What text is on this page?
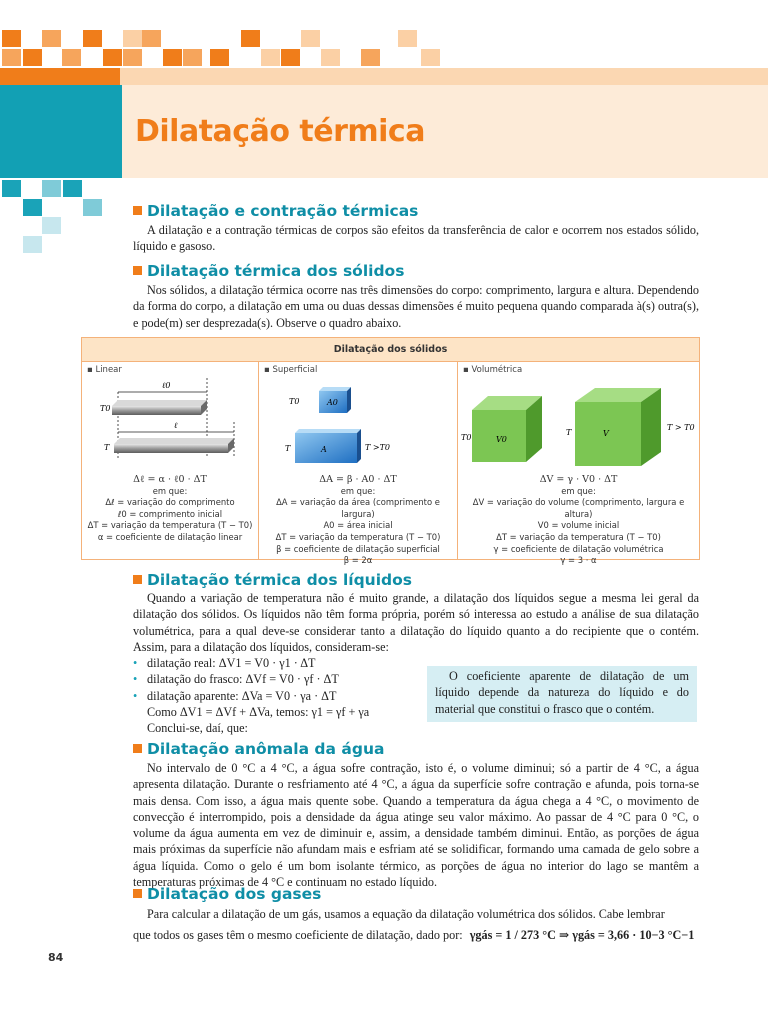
Dilatação térmica
Dilatação e contração térmicas

A dilatação e a contração térmicas de corpos são efeitos da transferência de calor e ocorrem nos estados sólido, líquido e gasoso.

Dilatação térmica dos sólidos

Nos sólidos, a dilatação térmica ocorre nas três dimensões do corpo: comprimento, largura e altura. Dependendo da forma do corpo, a dilatação em uma ou duas dessas dimensões é muito pequena quando comparada à(s) outra(s), e pode(m) ser desprezada(s). Observe o quadro abaixo.

Dilatação dos sólidos
▪ Linear
ℓ0
ℓ
T0
T
Δℓ = α · ℓ0 · ΔT
em que:
Δℓ = variação do comprimento
ℓ0 = comprimento inicial
ΔT = variação da temperatura (T − T0)
α = coeficiente de dilatação linear
▪ Superficial
T0	A0
T	A	T >T0
ΔA = β · A0 · ΔT
em que:
ΔA = variação da área (comprimento e largura)
A0 = área inicial
ΔT = variação da temperatura (T − T0)
β = coeficiente de dilatação superficial
β = 2α
▪ Volumétrica
T0	V0
T	V
T > T0
ΔV = γ · V0 · ΔT
em que:
ΔV = variação do volume (comprimento, largura e altura)
V0 = volume inicial
ΔT = variação da temperatura (T − T0)
γ = coeficiente de dilatação volumétrica
γ = 3 · α
Dilatação térmica dos líquidos

Quando a variação de temperatura não é muito grande, a dilatação dos líquidos segue a mesma lei geral da dilatação dos sólidos. Os líquidos não têm forma própria, porém só interessa ao estudo a análise de sua dilatação volumétrica, para a qual deve-se considerar tanto a dilatação do líquido quanto a do recipiente que o contém. Assim, para a dilatação dos líquidos, consideram-se:

• dilatação real: ΔV1 = V0 · γ1 · ΔT
• dilatação do frasco: ΔVf = V0 · γf · ΔT
• dilatação aparente: ΔVa = V0 · γa · ΔT
Como ΔV1 = ΔVf + ΔVa, temos: γ1 = γf + γa
Conclui-se, daí, que:
O coeficiente aparente de dilatação de um líquido depende da natureza do líquido e do material que constitui o frasco que o contém.
Dilatação anômala da água

No intervalo de 0 °C a 4 °C, a água sofre contração, isto é, o volume diminui; só a partir de 4 °C, a água apresenta dilatação. Durante o resfriamento até 4 °C, a água da superfície sofre contração e afunda, pois torna-se mais densa. Com isso, a água mais quente sobe. Quando a temperatura da água chega a 4 °C, o movimento de convecção é interrompido, pois a densidade da água atinge seu valor máximo. Ao passar de 4 °C para 0 °C, o volume da água aumenta em vez de diminuir e, assim, a densidade também diminui. Então, as porções de água mais próximas da superfície não afundam mais e esfriam até se solidificar, formando uma camada de gelo sobre a água líquida. Como o gelo é um bom isolante térmico, as porções de água no interior do lago se mantêm a temperaturas próximas de 4 °C e continuam no estado líquido.

Dilatação dos gases

Para calcular a dilatação de um gás, usamos a equação da dilatação volumétrica dos sólidos. Cabe lembrar

que todos os gases têm o mesmo coeficiente de dilatação, dado por: γgás = 1 / 273 °C ⇒ γgás = 3,66 · 10−3 °C−1
84
